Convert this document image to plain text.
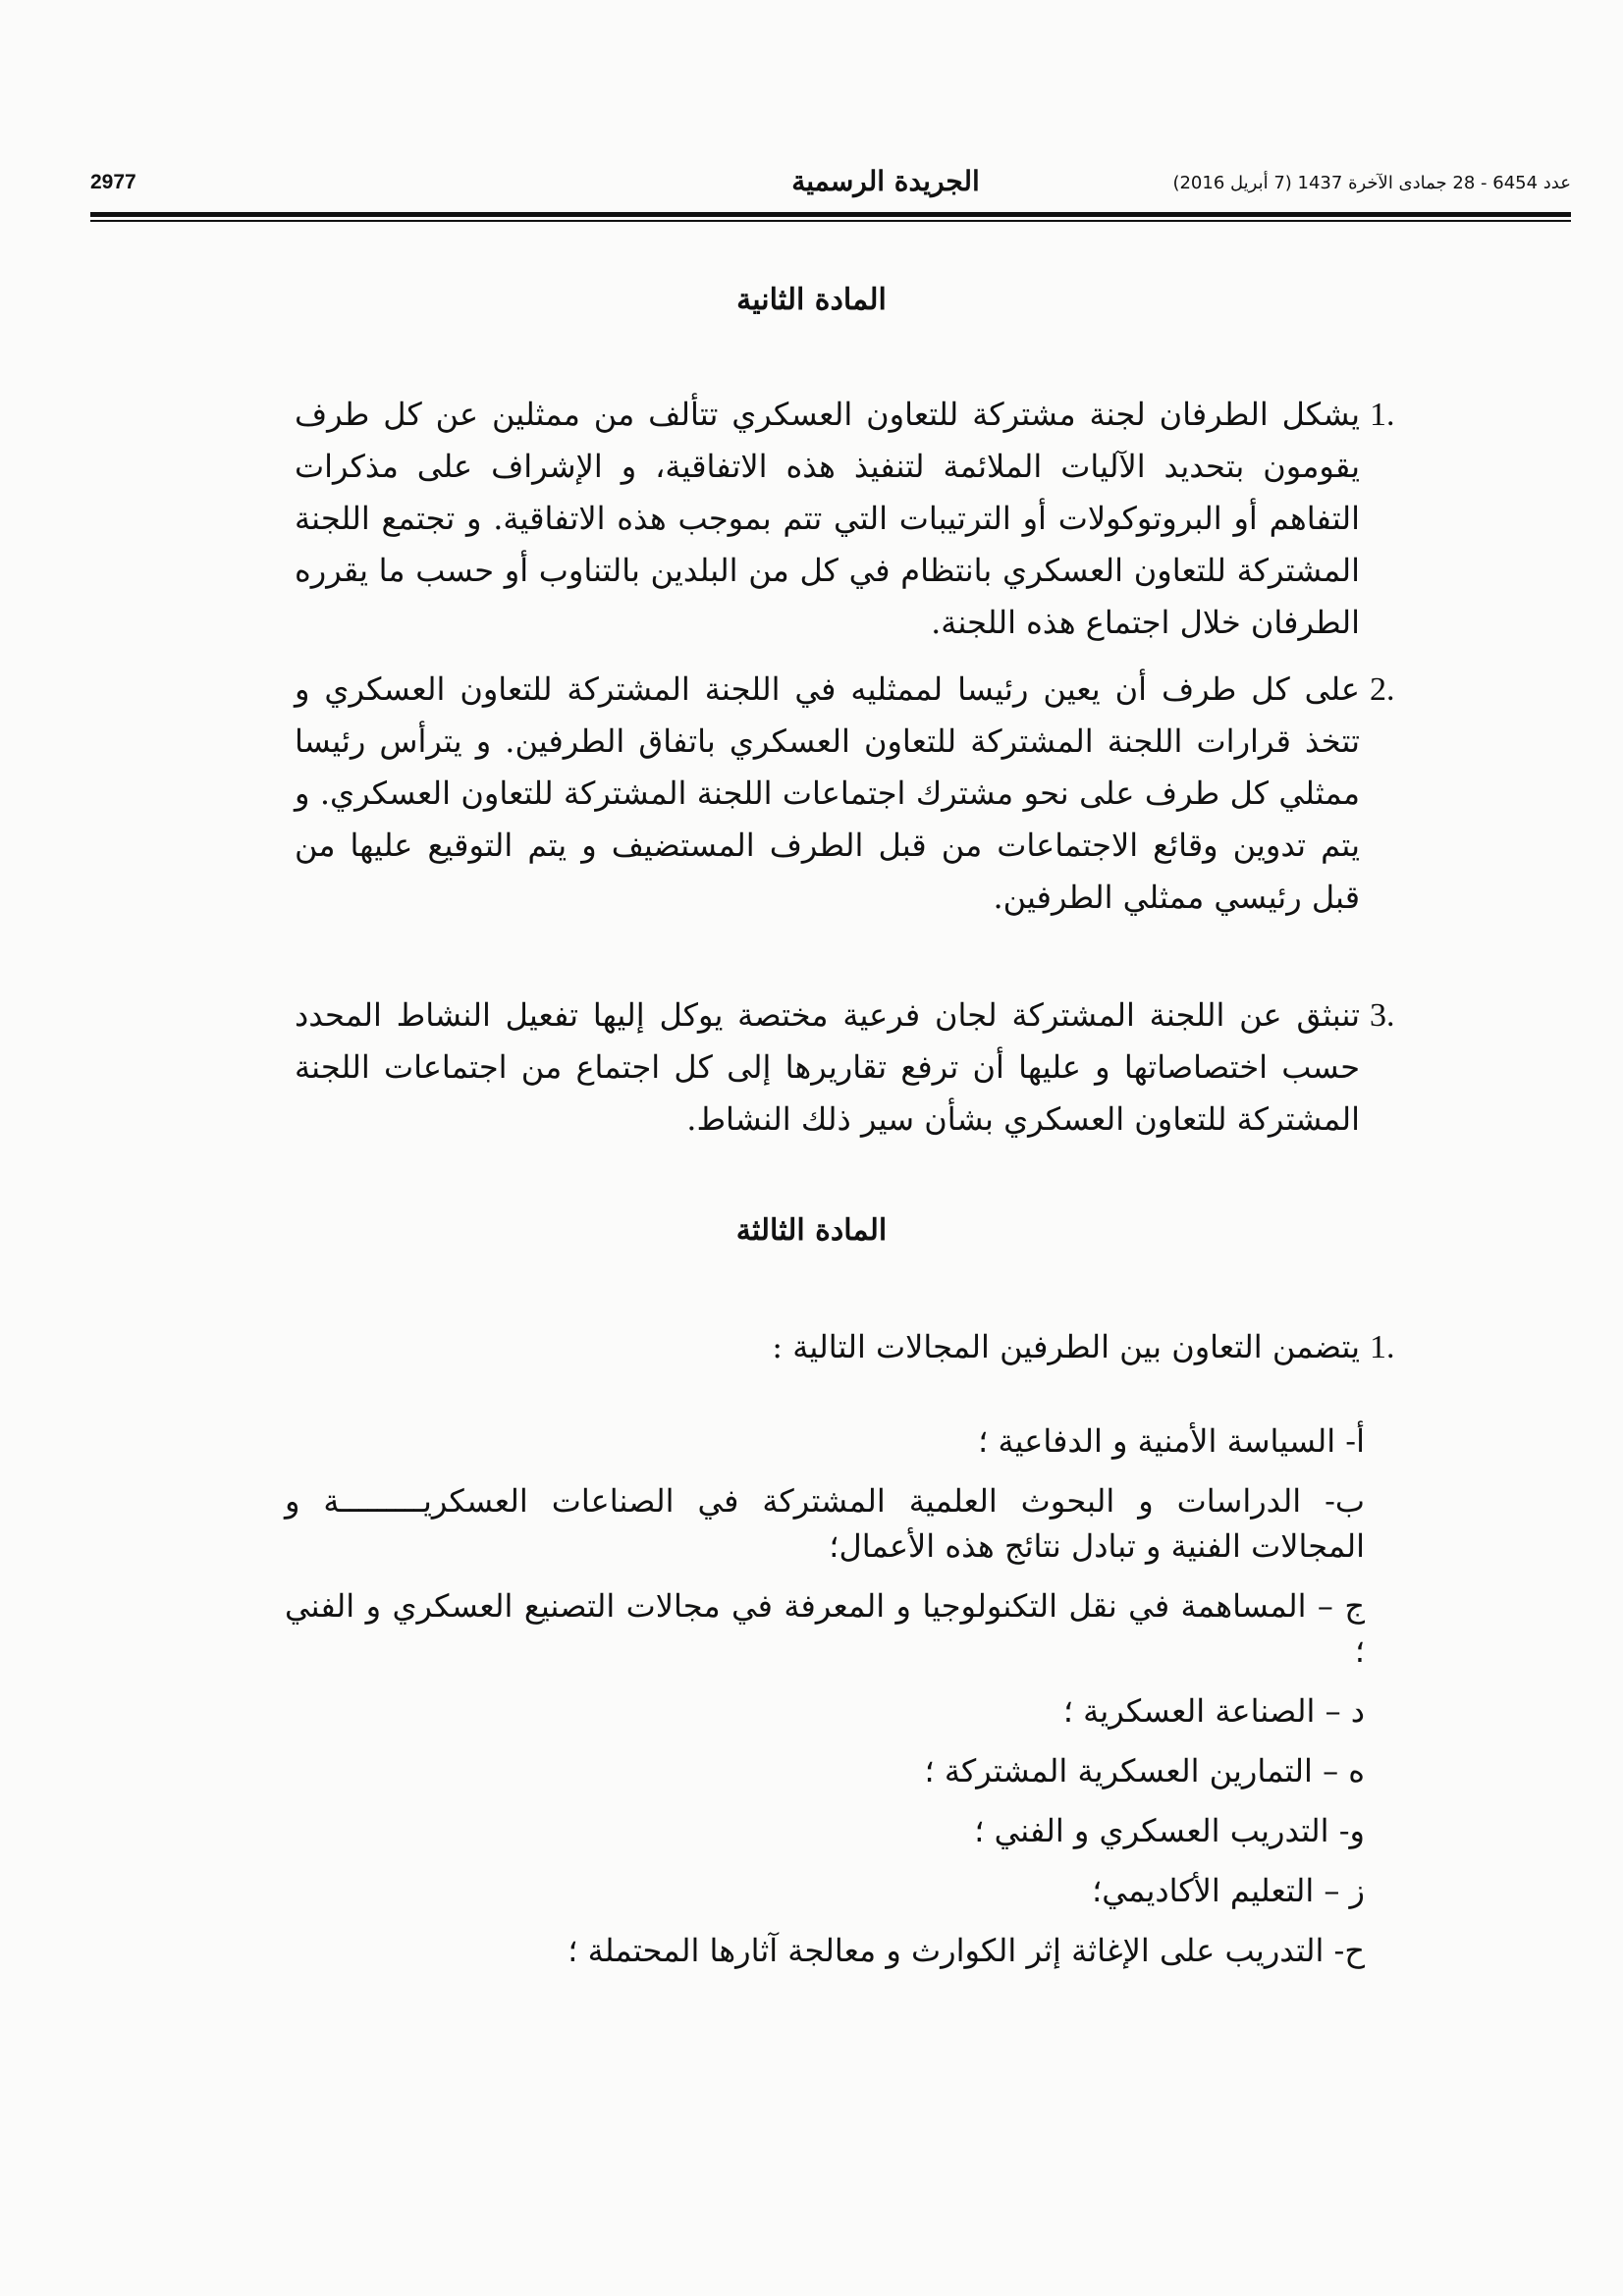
2977	الجريدة الرسمية	عدد 6454 - 28 جمادى الآخرة 1437 (7 أبريل 2016)
المادة الثانية
1.

يشكل الطرفان لجنة مشتركة للتعاون العسكري تتألف من ممثلين عن كل طرف يقومون بتحديد الآليات الملائمة لتنفيذ هذه الاتفاقية، و الإشراف على مذكرات التفاهم أو البروتوكولات أو الترتيبات التي تتم بموجب هذه الاتفاقية. و تجتمع اللجنة المشتركة للتعاون العسكري بانتظام في كل من البلدين بالتناوب أو حسب ما يقرره الطرفان خلال اجتماع هذه اللجنة.

2.

على كل طرف أن يعين رئيسا لممثليه في اللجنة المشتركة للتعاون العسكري و تتخذ قرارات اللجنة المشتركة للتعاون العسكري باتفاق الطرفين. و يترأس رئيسا ممثلي كل طرف على نحو مشترك اجتماعات اللجنة المشتركة للتعاون العسكري. و يتم تدوين وقائع الاجتماعات من قبل الطرف المستضيف و يتم التوقيع عليها من قبل رئيسي ممثلي الطرفين.

3.

تنبثق عن اللجنة المشتركة لجان فرعية مختصة يوكل إليها تفعيل النشاط المحدد حسب اختصاصاتها و عليها أن ترفع تقاريرها إلى كل اجتماع من اجتماعات اللجنة المشتركة للتعاون العسكري بشأن سير ذلك النشاط.

المادة الثالثة
1.

يتضمن التعاون بين الطرفين المجالات التالية :

أ- السياسة الأمنية و الدفاعية ؛
ب- الدراسات و البحوث العلمية المشتركة في الصناعات العسكريـــــــــة و المجالات الفنية و تبادل نتائج هذه الأعمال؛
ج – المساهمة في نقل التكنولوجيا و المعرفة في مجالات التصنيع العسكري و الفني ؛
د – الصناعة العسكرية ؛
ه – التمارين العسكرية المشتركة ؛
و- التدريب العسكري و الفني ؛
ز – التعليم الأكاديمي؛
ح- التدريب على الإغاثة إثر الكوارث و معالجة آثارها المحتملة ؛
